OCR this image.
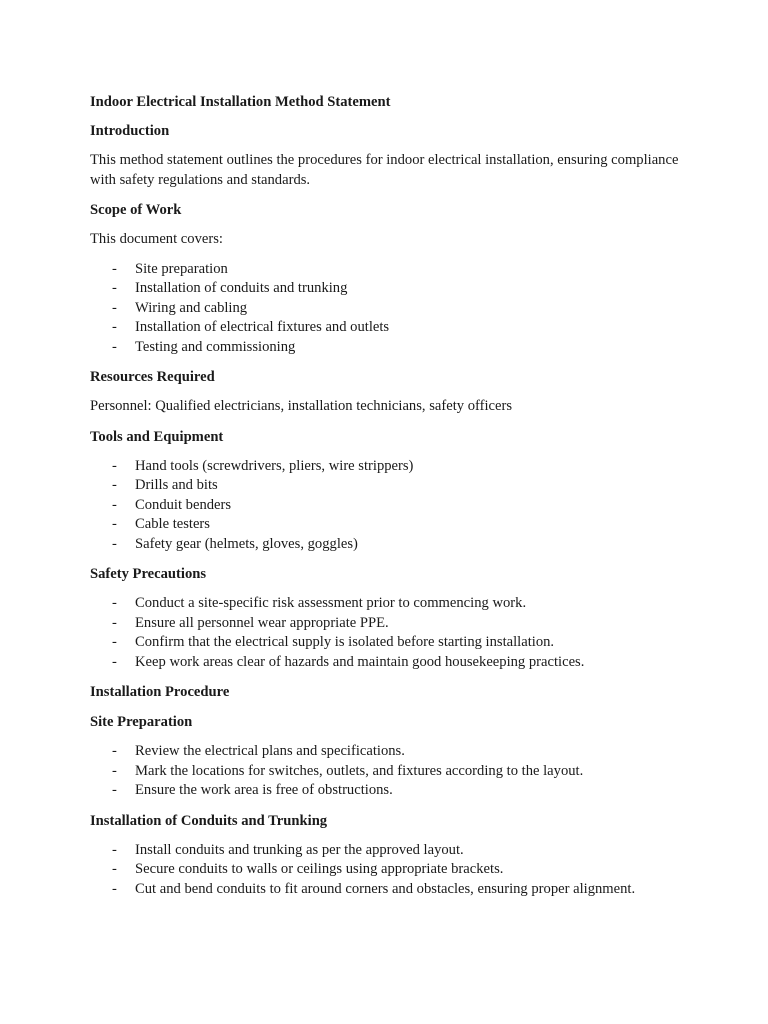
Indoor Electrical Installation Method Statement

Introduction

This method statement outlines the procedures for indoor electrical installation, ensuring compliance with safety regulations and standards.

Scope of Work

This document covers:

- Site preparation
- Installation of conduits and trunking
- Wiring and cabling
- Installation of electrical fixtures and outlets
- Testing and commissioning

Resources Required

Personnel: Qualified electricians, installation technicians, safety officers

Tools and Equipment

- Hand tools (screwdrivers, pliers, wire strippers)
- Drills and bits
- Conduit benders
- Cable testers
- Safety gear (helmets, gloves, goggles)

Safety Precautions

- Conduct a site-specific risk assessment prior to commencing work.
- Ensure all personnel wear appropriate PPE.
- Confirm that the electrical supply is isolated before starting installation.
- Keep work areas clear of hazards and maintain good housekeeping practices.

Installation Procedure

Site Preparation

- Review the electrical plans and specifications.
- Mark the locations for switches, outlets, and fixtures according to the layout.
- Ensure the work area is free of obstructions.

Installation of Conduits and Trunking

- Install conduits and trunking as per the approved layout.
- Secure conduits to walls or ceilings using appropriate brackets.
- Cut and bend conduits to fit around corners and obstacles, ensuring proper alignment.
